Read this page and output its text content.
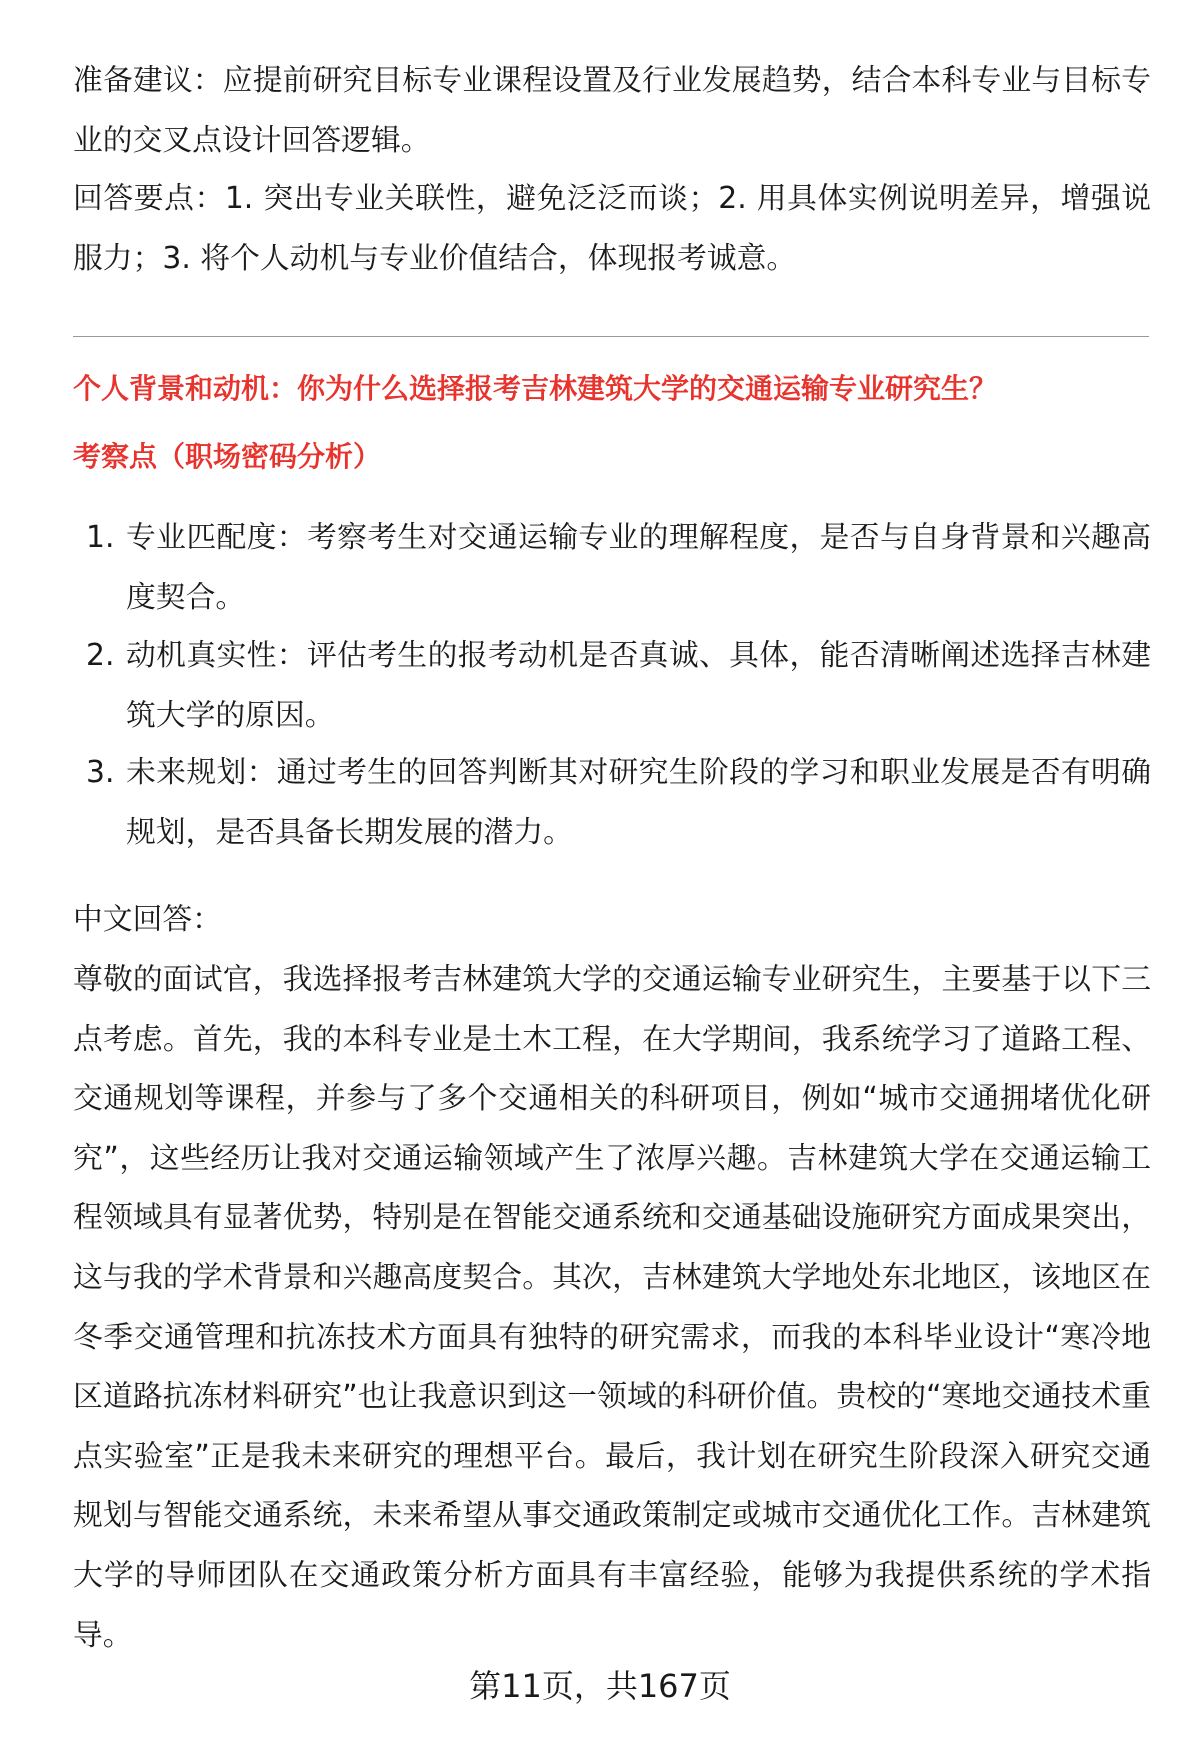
准备建议：应提前研究目标专业课程设置及行业发展趋势，结合本科专业与目标专业的交叉点设计回答逻辑。
回答要点：1. 突出专业关联性，避免泛泛而谈；2. 用具体实例说明差异，增强说服力；3. 将个人动机与专业价值结合，体现报考诚意。
个人背景和动机：你为什么选择报考吉林建筑大学的交通运输专业研究生？
考察点（职场密码分析）
1. 专业匹配度：考察考生对交通运输专业的理解程度，是否与自身背景和兴趣高度契合。
2. 动机真实性：评估考生的报考动机是否真诚、具体，能否清晰阐述选择吉林建筑大学的原因。
3. 未来规划：通过考生的回答判断其对研究生阶段的学习和职业发展是否有明确规划，是否具备长期发展的潜力。
中文回答：
尊敬的面试官，我选择报考吉林建筑大学的交通运输专业研究生，主要基于以下三点考虑。首先，我的本科专业是土木工程，在大学期间，我系统学习了道路工程、交通规划等课程，并参与了多个交通相关的科研项目，例如“城市交通拥堵优化研究”，这些经历让我对交通运输领域产生了浓厚兴趣。吉林建筑大学在交通运输工程领域具有显著优势，特别是在智能交通系统和交通基础设施研究方面成果突出，这与我的学术背景和兴趣高度契合。其次，吉林建筑大学地处东北地区，该地区在冬季交通管理和抗冻技术方面具有独特的研究需求，而我的本科毕业设计“寒冷地区道路抗冻材料研究”也让我意识到这一领域的科研价值。贵校的“寒地交通技术重点实验室”正是我未来研究的理想平台。最后，我计划在研究生阶段深入研究交通规划与智能交通系统，未来希望从事交通政策制定或城市交通优化工作。吉林建筑大学的导师团队在交通政策分析方面具有丰富经验，能够为我提供系统的学术指导。
第11页，共167页
